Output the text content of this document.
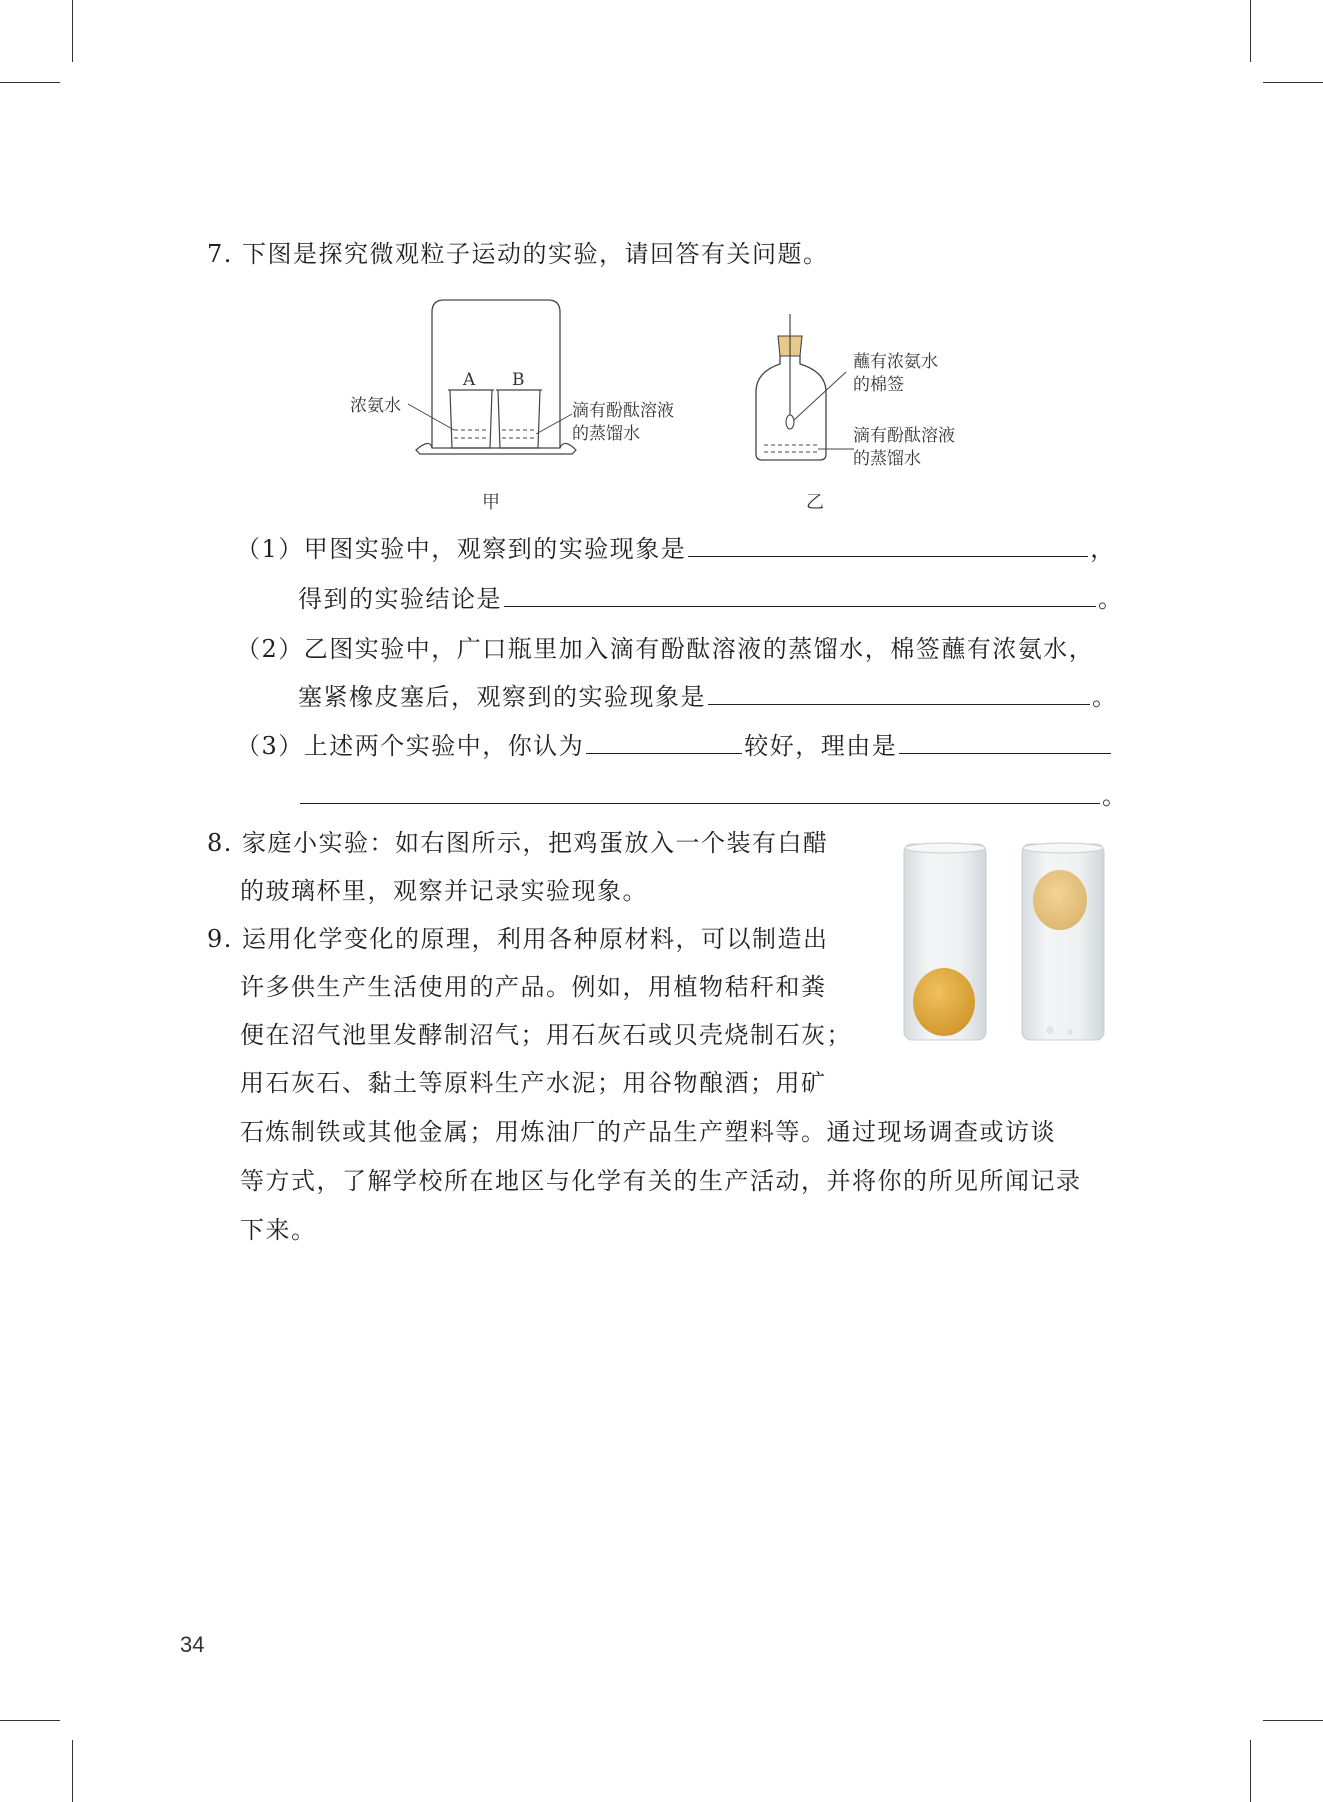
7. 下图是探究微观粒子运动的实验，请回答有关问题。
A B
浓氨水	滴有酚酞溶液
的蒸馏水
甲
蘸有浓氨水
的棉签
滴有酚酞溶液
的蒸馏水
乙
（1）甲图实验中，观察到的实验现象是	，
得到的实验结论是	。
（2）乙图实验中，广口瓶里加入滴有酚酞溶液的蒸馏水，棉签蘸有浓氨水，
塞紧橡皮塞后，观察到的实验现象是	。
（3）上述两个实验中，你认为	较好，理由是
。
8. 家庭小实验：如右图所示，把鸡蛋放入一个装有白醋
的玻璃杯里，观察并记录实验现象。
9. 运用化学变化的原理，利用各种原材料，可以制造出
许多供生产生活使用的产品。例如，用植物秸秆和粪
便在沼气池里发酵制沼气；用石灰石或贝壳烧制石灰；
用石灰石、黏土等原料生产水泥；用谷物酿酒；用矿
石炼制铁或其他金属；用炼油厂的产品生产塑料等。通过现场调查或访谈
等方式，了解学校所在地区与化学有关的生产活动，并将你的所见所闻记录
下来。
34
